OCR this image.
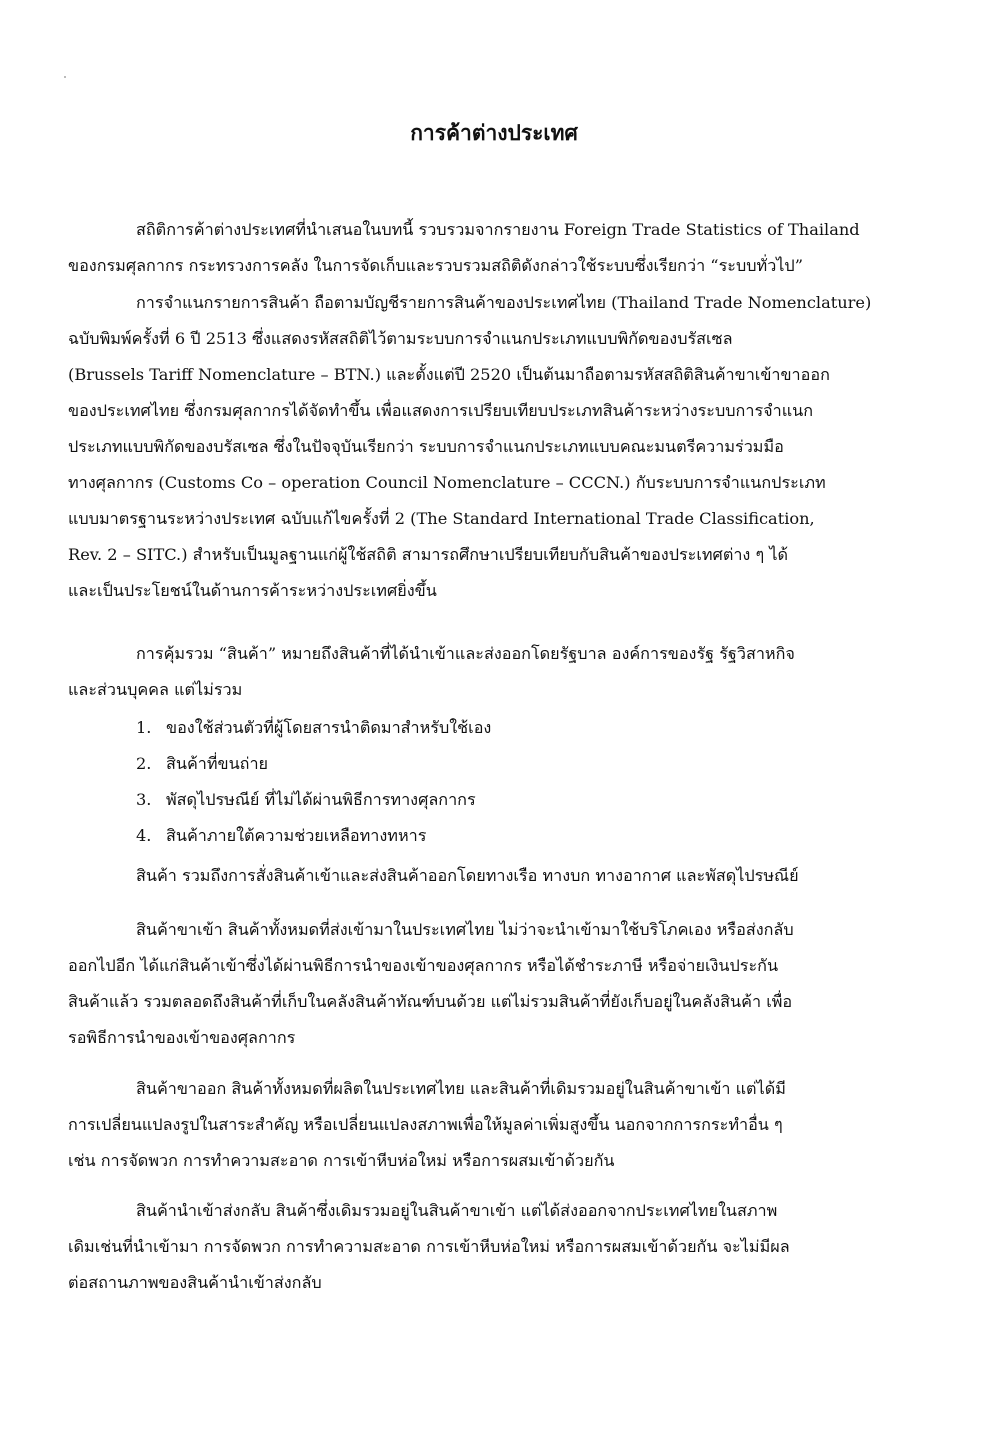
การค้าต่างประเทศ
สถิติการค้าต่างประเทศที่นำเสนอในบทนี้ รวบรวมจากรายงาน Foreign Trade Statistics of Thailand
ของกรมศุลกากร กระทรวงการคลัง ในการจัดเก็บและรวบรวมสถิติดังกล่าวใช้ระบบซึ่งเรียกว่า “ระบบทั่วไป”
การจำแนกรายการสินค้า ถือตามบัญชีรายการสินค้าของประเทศไทย (Thailand Trade Nomenclature)
ฉบับพิมพ์ครั้งที่ 6 ปี 2513 ซึ่งแสดงรหัสสถิติไว้ตามระบบการจำแนกประเภทแบบพิกัดของบรัสเซล
(Brussels Tariff Nomenclature – BTN.) และตั้งแต่ปี 2520 เป็นต้นมาถือตามรหัสสถิติสินค้าขาเข้าขาออก
ของประเทศไทย ซึ่งกรมศุลกากรได้จัดทำขึ้น เพื่อแสดงการเปรียบเทียบประเภทสินค้าระหว่างระบบการจำแนก
ประเภทแบบพิกัดของบรัสเซล ซึ่งในปัจจุบันเรียกว่า ระบบการจำแนกประเภทแบบคณะมนตรีความร่วมมือ
ทางศุลกากร (Customs Co – operation Council Nomenclature – CCCN.) กับระบบการจำแนกประเภท
แบบมาตรฐานระหว่างประเทศ ฉบับแก้ไขครั้งที่ 2 (The Standard International Trade Classification,
Rev. 2 – SITC.) สำหรับเป็นมูลฐานแก่ผู้ใช้สถิติ สามารถศึกษาเปรียบเทียบกับสินค้าของประเทศต่าง ๆ ได้
และเป็นประโยชน์ในด้านการค้าระหว่างประเทศยิ่งขึ้น
การคุ้มรวม “สินค้า” หมายถึงสินค้าที่ได้นำเข้าและส่งออกโดยรัฐบาล องค์การของรัฐ รัฐวิสาหกิจ
และส่วนบุคคล แต่ไม่รวม
1. ของใช้ส่วนตัวที่ผู้โดยสารนำติดมาสำหรับใช้เอง
2. สินค้าที่ขนถ่าย
3. พัสดุไปรษณีย์ ที่ไม่ได้ผ่านพิธีการทางศุลกากร
4. สินค้าภายใต้ความช่วยเหลือทางทหาร
สินค้า รวมถึงการสั่งสินค้าเข้าและส่งสินค้าออกโดยทางเรือ ทางบก ทางอากาศ และพัสดุไปรษณีย์
สินค้าขาเข้า สินค้าทั้งหมดที่ส่งเข้ามาในประเทศไทย ไม่ว่าจะนำเข้ามาใช้บริโภคเอง หรือส่งกลับ
ออกไปอีก ได้แก่สินค้าเข้าซึ่งได้ผ่านพิธีการนำของเข้าของศุลกากร หรือได้ชำระภาษี หรือจ่ายเงินประกัน
สินค้าแล้ว รวมตลอดถึงสินค้าที่เก็บในคลังสินค้าทัณฑ์บนด้วย แต่ไม่รวมสินค้าที่ยังเก็บอยู่ในคลังสินค้า เพื่อ
รอพิธีการนำของเข้าของศุลกากร
สินค้าขาออก สินค้าทั้งหมดที่ผลิตในประเทศไทย และสินค้าที่เดิมรวมอยู่ในสินค้าขาเข้า แต่ได้มี
การเปลี่ยนแปลงรูปในสาระสำคัญ หรือเปลี่ยนแปลงสภาพเพื่อให้มูลค่าเพิ่มสูงขึ้น นอกจากการกระทำอื่น ๆ
เช่น การจัดพวก การทำความสะอาด การเข้าหีบห่อใหม่ หรือการผสมเข้าด้วยกัน
สินค้านำเข้าส่งกลับ สินค้าซึ่งเดิมรวมอยู่ในสินค้าขาเข้า แต่ได้ส่งออกจากประเทศไทยในสภาพ
เดิมเช่นที่นำเข้ามา การจัดพวก การทำความสะอาด การเข้าหีบห่อใหม่ หรือการผสมเข้าด้วยกัน จะไม่มีผล
ต่อสถานภาพของสินค้านำเข้าส่งกลับ
